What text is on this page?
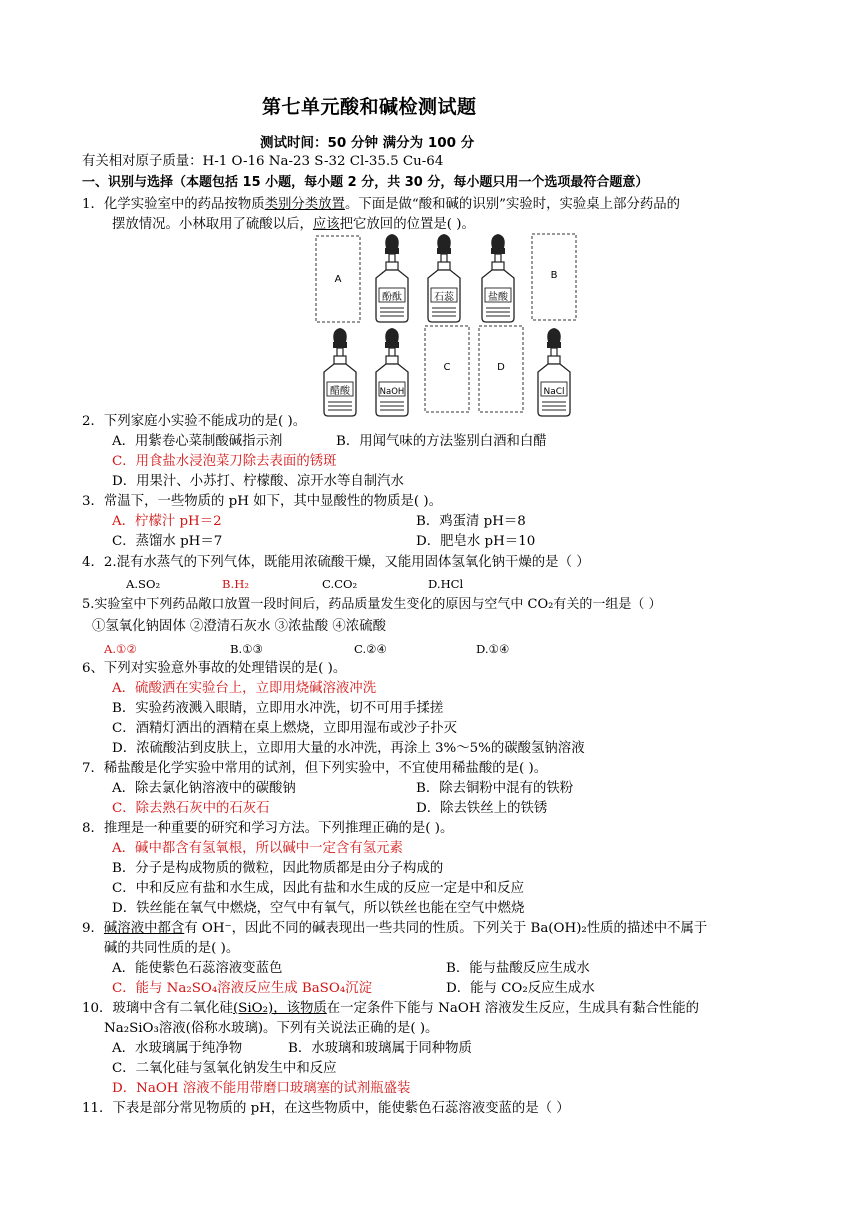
第七单元酸和碱检测试题
测试时间：50 分钟 满分为 100 分
有关相对原子质量：H-1 O-16 Na-23 S-32 Cl-35.5 Cu-64
一、识别与选择（本题包括 15 小题，每小题 2 分，共 30 分，每小题只用一个选项最符合题意）
1．化学实验室中的药品按物质类别分类放置。下面是做“酸和碱的识别”实验时，实验桌上部分药品的
摆放情况。小林取用了硫酸以后，应该把它放回的位置是( )。
A
酚酞	石蕊	盐酸
B
醋酸	NaOH
C	D
NaCl
2．下列家庭小实验不能成功的是( )。
A．用紫卷心菜制酸碱指示剂	B．用闻气味的方法鉴别白酒和白醋
C．用食盐水浸泡菜刀除去表面的锈斑
D．用果汁、小苏打、柠檬酸、凉开水等自制汽水
3．常温下，一些物质的 pH 如下，其中显酸性的物质是( )。
A．柠檬汁 pH＝2	B．鸡蛋清 pH＝8
C．蒸馏水 pH＝7	D．肥皂水 pH＝10
4．2.混有水蒸气的下列气体，既能用浓硫酸干燥，又能用固体氢氧化钠干燥的是（ ）
A.SO₂	B.H₂	C.CO₂	D.HCl
5.实验室中下列药品敞口放置一段时间后，药品质量发生变化的原因与空气中 CO₂有关的一组是（ ）
①氢氧化钠固体 ②澄清石灰水 ③浓盐酸 ④浓硫酸
A.①②	B.①③	C.②④	D.①④
6、下列对实验意外事故的处理错误的是( )。
A．硫酸洒在实验台上，立即用烧碱溶液冲洗
B．实验药液溅入眼睛，立即用水冲洗，切不可用手揉搓
C．酒精灯洒出的酒精在桌上燃烧，立即用湿布或沙子扑灭
D．浓硫酸沾到皮肤上，立即用大量的水冲洗，再涂上 3%～5%的碳酸氢钠溶液
7．稀盐酸是化学实验中常用的试剂，但下列实验中，不宜使用稀盐酸的是( )。
A．除去氯化钠溶液中的碳酸钠	B．除去铜粉中混有的铁粉
C．除去熟石灰中的石灰石	D．除去铁丝上的铁锈
8．推理是一种重要的研究和学习方法。下列推理正确的是( )。
A．碱中都含有氢氧根，所以碱中一定含有氢元素
B．分子是构成物质的微粒，因此物质都是由分子构成的
C．中和反应有盐和水生成，因此有盐和水生成的反应一定是中和反应
D．铁丝能在氧气中燃烧，空气中有氧气，所以铁丝也能在空气中燃烧
9．碱溶液中都含有 OH⁻，因此不同的碱表现出一些共同的性质。下列关于 Ba(OH)₂性质的描述中不属于
碱的共同性质的是( )。
A．能使紫色石蕊溶液变蓝色	B．能与盐酸反应生成水
C．能与 Na₂SO₄溶液反应生成 BaSO₄沉淀	D．能与 CO₂反应生成水
10．玻璃中含有二氧化硅(SiO₂)，该物质在一定条件下能与 NaOH 溶液发生反应，生成具有黏合性能的
Na₂SiO₃溶液(俗称水玻璃)。下列有关说法正确的是( )。
A．水玻璃属于纯净物	B．水玻璃和玻璃属于同种物质
C．二氧化硅与氢氧化钠发生中和反应
D．NaOH 溶液不能用带磨口玻璃塞的试剂瓶盛装
11．下表是部分常见物质的 pH，在这些物质中，能使紫色石蕊溶液变蓝的是（ ）
